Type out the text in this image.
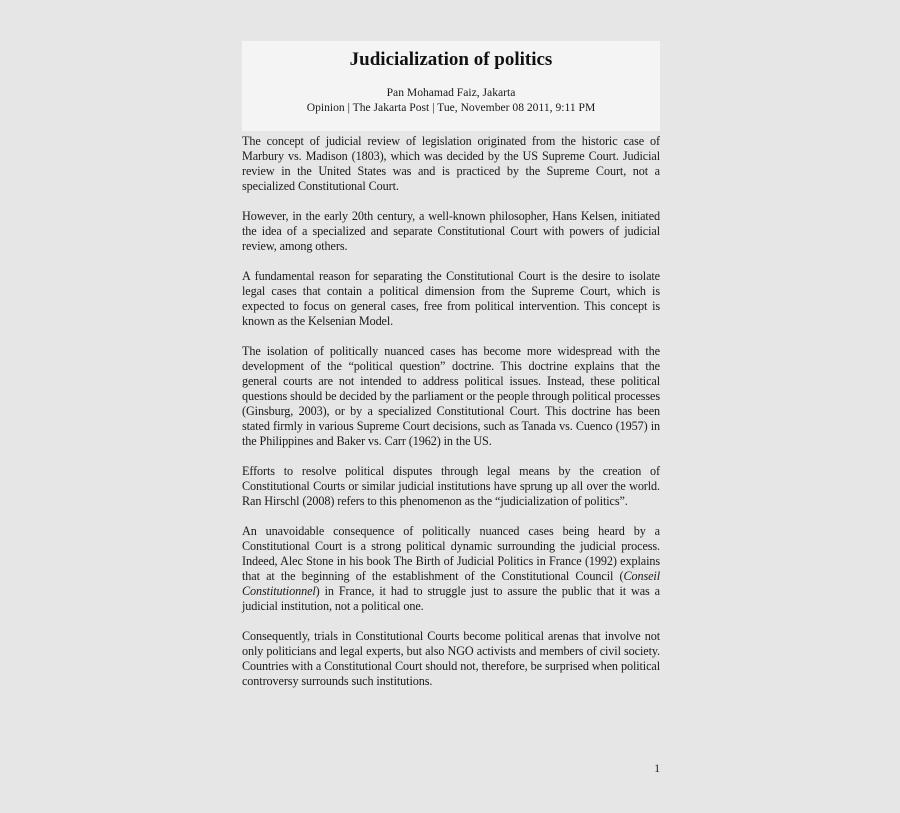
Judicialization of politics
Pan Mohamad Faiz, Jakarta
Opinion | The Jakarta Post | Tue, November 08 2011, 9:11 PM

The concept of judicial review of legislation originated from the historic case of Marbury vs. Madison (1803), which was decided by the US Supreme Court. Judicial review in the United States was and is practiced by the Supreme Court, not a specialized Constitutional Court.

However, in the early 20th century, a well-known philosopher, Hans Kelsen, initiated the idea of a specialized and separate Constitutional Court with powers of judicial review, among others.

A fundamental reason for separating the Constitutional Court is the desire to isolate legal cases that contain a political dimension from the Supreme Court, which is expected to focus on general cases, free from political intervention. This concept is known as the Kelsenian Model.

The isolation of politically nuanced cases has become more widespread with the development of the “political question” doctrine. This doctrine explains that the general courts are not intended to address political issues. Instead, these political questions should be decided by the parliament or the people through political processes (Ginsburg, 2003), or by a specialized Constitutional Court. This doctrine has been stated firmly in various Supreme Court decisions, such as Tanada vs. Cuenco (1957) in the Philippines and Baker vs. Carr (1962) in the US.

Efforts to resolve political disputes through legal means by the creation of Constitutional Courts or similar judicial institutions have sprung up all over the world. Ran Hirschl (2008) refers to this phenomenon as the “judicialization of politics”.

An unavoidable consequence of politically nuanced cases being heard by a Constitutional Court is a strong political dynamic surrounding the judicial process. Indeed, Alec Stone in his book The Birth of Judicial Politics in France (1992) explains that at the beginning of the establishment of the Constitutional Council (Conseil Constitutionnel) in France, it had to struggle just to assure the public that it was a judicial institution, not a political one.

Consequently, trials in Constitutional Courts become political arenas that involve not only politicians and legal experts, but also NGO activists and members of civil society. Countries with a Constitutional Court should not, therefore, be surprised when political controversy surrounds such institutions.

1
